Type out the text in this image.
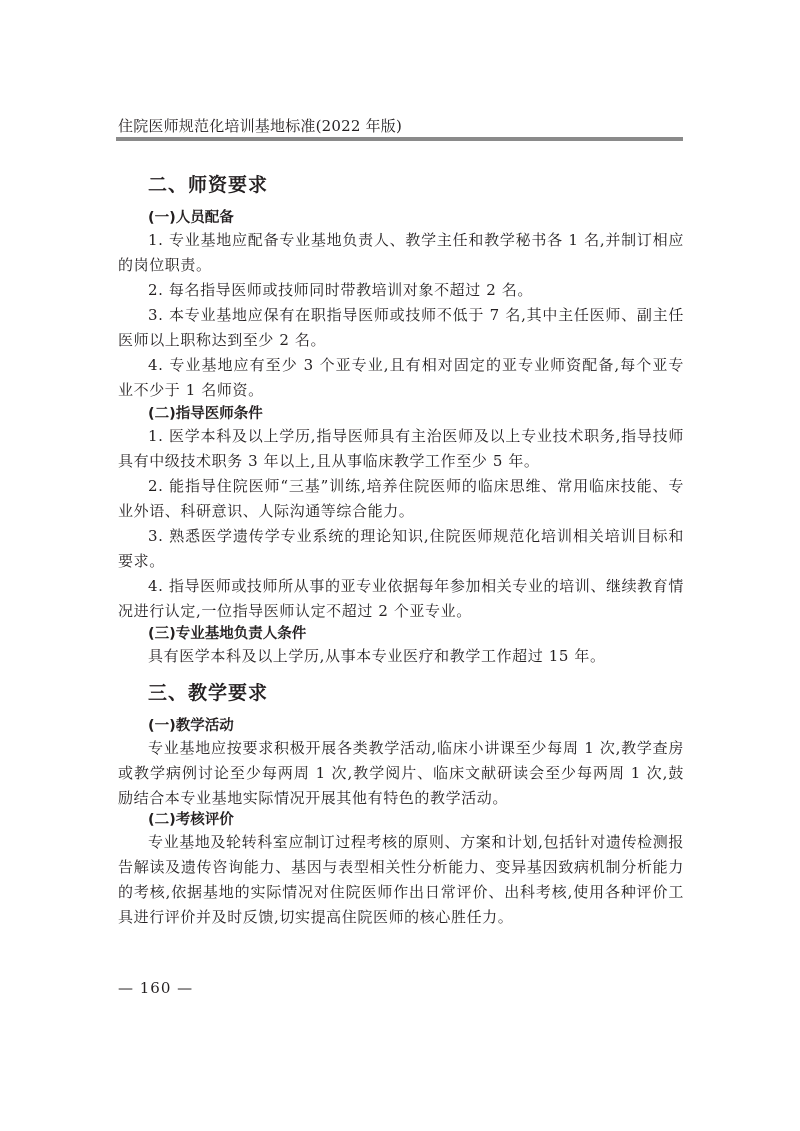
住院医师规范化培训基地标准(2022 年版)
二、师资要求
(一)人员配备
1. 专业基地应配备专业基地负责人、教学主任和教学秘书各 1 名,并制订相应的岗位职责。
2. 每名指导医师或技师同时带教培训对象不超过 2 名。
3. 本专业基地应保有在职指导医师或技师不低于 7 名,其中主任医师、副主任医师以上职称达到至少 2 名。
4. 专业基地应有至少 3 个亚专业,且有相对固定的亚专业师资配备,每个亚专业不少于 1 名师资。
(二)指导医师条件
1. 医学本科及以上学历,指导医师具有主治医师及以上专业技术职务,指导技师具有中级技术职务 3 年以上,且从事临床教学工作至少 5 年。
2. 能指导住院医师“三基”训练,培养住院医师的临床思维、常用临床技能、专业外语、科研意识、人际沟通等综合能力。
3. 熟悉医学遗传学专业系统的理论知识,住院医师规范化培训相关培训目标和要求。
4. 指导医师或技师所从事的亚专业依据每年参加相关专业的培训、继续教育情况进行认定,一位指导医师认定不超过 2 个亚专业。
(三)专业基地负责人条件
具有医学本科及以上学历,从事本专业医疗和教学工作超过 15 年。
三、教学要求
(一)教学活动
专业基地应按要求积极开展各类教学活动,临床小讲课至少每周 1 次,教学查房或教学病例讨论至少每两周 1 次,教学阅片、临床文献研读会至少每两周 1 次,鼓励结合本专业基地实际情况开展其他有特色的教学活动。
(二)考核评价
专业基地及轮转科室应制订过程考核的原则、方案和计划,包括针对遗传检测报告解读及遗传咨询能力、基因与表型相关性分析能力、变异基因致病机制分析能力的考核,依据基地的实际情况对住院医师作出日常评价、出科考核,使用各种评价工具进行评价并及时反馈,切实提高住院医师的核心胜任力。
— 160 —
